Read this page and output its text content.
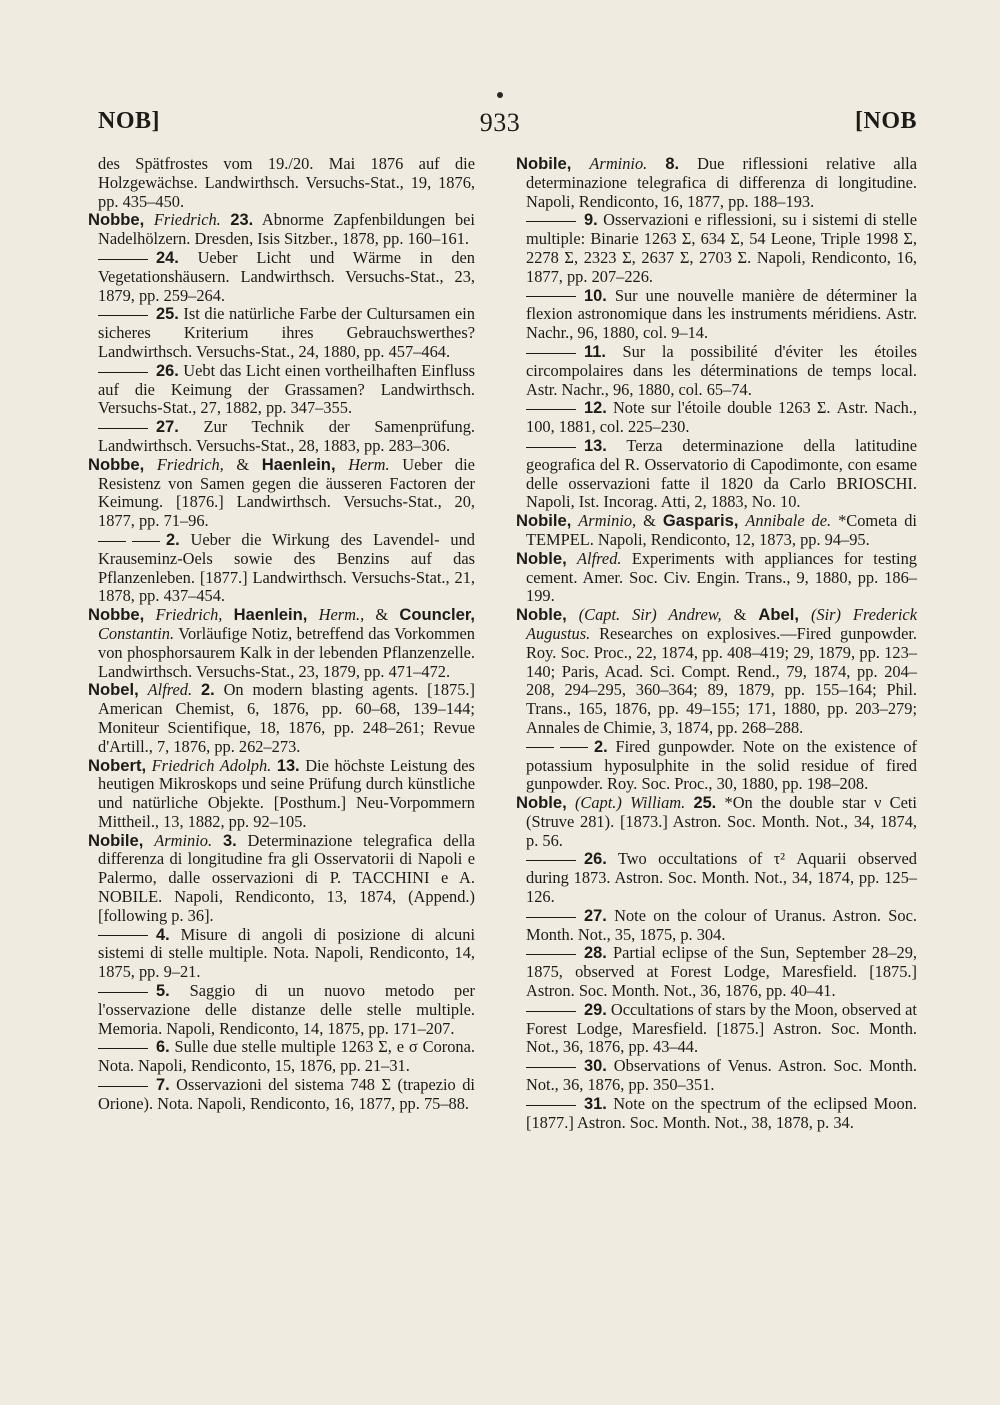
NOB]	933	[NOB

des Spätfrostes vom 19./20. Mai 1876 auf die Holzgewächse. Landwirthsch. Versuchs-Stat., 19, 1876, pp. 435–450.

Nobbe, Friedrich. 23. Abnorme Zapfenbildungen bei Nadelhölzern. Dresden, Isis Sitzber., 1878, pp. 160–161.

24. Ueber Licht und Wärme in den Vegetationshäusern. Landwirthsch. Versuchs-Stat., 23, 1879, pp. 259–264.

25. Ist die natürliche Farbe der Cultursamen ein sicheres Kriterium ihres Gebrauchswerthes? Landwirthsch. Versuchs-Stat., 24, 1880, pp. 457–464.

26. Uebt das Licht einen vortheilhaften Einfluss auf die Keimung der Grassamen? Landwirthsch. Versuchs-Stat., 27, 1882, pp. 347–355.

27. Zur Technik der Samenprüfung. Landwirthsch. Versuchs-Stat., 28, 1883, pp. 283–306.

Nobbe, Friedrich, & Haenlein, Herm. Ueber die Resistenz von Samen gegen die äusseren Factoren der Keimung. [1876.] Landwirthsch. Versuchs-Stat., 20, 1877, pp. 71–96.

2. Ueber die Wirkung des Lavendel- und Krauseminz-Oels sowie des Benzins auf das Pflanzenleben. [1877.] Landwirthsch. Versuchs-Stat., 21, 1878, pp. 437–454.

Nobbe, Friedrich, Haenlein, Herm., & Councler, Constantin. Vorläufige Notiz, betreffend das Vorkommen von phosphorsaurem Kalk in der lebenden Pflanzenzelle. Landwirthsch. Versuchs-Stat., 23, 1879, pp. 471–472.

Nobel, Alfred. 2. On modern blasting agents. [1875.] American Chemist, 6, 1876, pp. 60–68, 139–144; Moniteur Scientifique, 18, 1876, pp. 248–261; Revue d'Artill., 7, 1876, pp. 262–273.

Nobert, Friedrich Adolph. 13. Die höchste Leistung des heutigen Mikroskops und seine Prüfung durch künstliche und natürliche Objekte. [Posthum.] Neu-Vorpommern Mittheil., 13, 1882, pp. 92–105.

Nobile, Arminio. 3. Determinazione telegrafica della differenza di longitudine fra gli Osservatorii di Napoli e Palermo, dalle osservazioni di P. TACCHINI e A. NOBILE. Napoli, Rendiconto, 13, 1874, (Append.) [following p. 36].

4. Misure di angoli di posizione di alcuni sistemi di stelle multiple. Nota. Napoli, Rendiconto, 14, 1875, pp. 9–21.

5. Saggio di un nuovo metodo per l'osservazione delle distanze delle stelle multiple. Memoria. Napoli, Rendiconto, 14, 1875, pp. 171–207.

6. Sulle due stelle multiple 1263 Σ, e σ Corona. Nota. Napoli, Rendiconto, 15, 1876, pp. 21–31.

7. Osservazioni del sistema 748 Σ (trapezio di Orione). Nota. Napoli, Rendiconto, 16, 1877, pp. 75–88.

Nobile, Arminio. 8. Due riflessioni relative alla determinazione telegrafica di differenza di longitudine. Napoli, Rendiconto, 16, 1877, pp. 188–193.

9. Osservazioni e riflessioni, su i sistemi di stelle multiple: Binarie 1263 Σ, 634 Σ, 54 Leone, Triple 1998 Σ, 2278 Σ, 2323 Σ, 2637 Σ, 2703 Σ. Napoli, Rendiconto, 16, 1877, pp. 207–226.

10. Sur une nouvelle manière de déterminer la flexion astronomique dans les instruments méridiens. Astr. Nachr., 96, 1880, col. 9–14.

11. Sur la possibilité d'éviter les étoiles circompolaires dans les déterminations de temps local. Astr. Nachr., 96, 1880, col. 65–74.

12. Note sur l'étoile double 1263 Σ. Astr. Nach., 100, 1881, col. 225–230.

13. Terza determinazione della latitudine geografica del R. Osservatorio di Capodimonte, con esame delle osservazioni fatte il 1820 da Carlo BRIOSCHI. Napoli, Ist. Incorag. Atti, 2, 1883, No. 10.

Nobile, Arminio, & Gasparis, Annibale de. *Cometa di TEMPEL. Napoli, Rendiconto, 12, 1873, pp. 94–95.

Noble, Alfred. Experiments with appliances for testing cement. Amer. Soc. Civ. Engin. Trans., 9, 1880, pp. 186–199.

Noble, (Capt. Sir) Andrew, & Abel, (Sir) Frederick Augustus. Researches on explosives.—Fired gunpowder. Roy. Soc. Proc., 22, 1874, pp. 408–419; 29, 1879, pp. 123–140; Paris, Acad. Sci. Compt. Rend., 79, 1874, pp. 204–208, 294–295, 360–364; 89, 1879, pp. 155–164; Phil. Trans., 165, 1876, pp. 49–155; 171, 1880, pp. 203–279; Annales de Chimie, 3, 1874, pp. 268–288.

2. Fired gunpowder. Note on the existence of potassium hyposulphite in the solid residue of fired gunpowder. Roy. Soc. Proc., 30, 1880, pp. 198–208.

Noble, (Capt.) William. 25. *On the double star ν Ceti (Struve 281). [1873.] Astron. Soc. Month. Not., 34, 1874, p. 56.

26. Two occultations of τ² Aquarii observed during 1873. Astron. Soc. Month. Not., 34, 1874, pp. 125–126.

27. Note on the colour of Uranus. Astron. Soc. Month. Not., 35, 1875, p. 304.

28. Partial eclipse of the Sun, September 28–29, 1875, observed at Forest Lodge, Maresfield. [1875.] Astron. Soc. Month. Not., 36, 1876, pp. 40–41.

29. Occultations of stars by the Moon, observed at Forest Lodge, Maresfield. [1875.] Astron. Soc. Month. Not., 36, 1876, pp. 43–44.

30. Observations of Venus. Astron. Soc. Month. Not., 36, 1876, pp. 350–351.

31. Note on the spectrum of the eclipsed Moon. [1877.] Astron. Soc. Month. Not., 38, 1878, p. 34.
